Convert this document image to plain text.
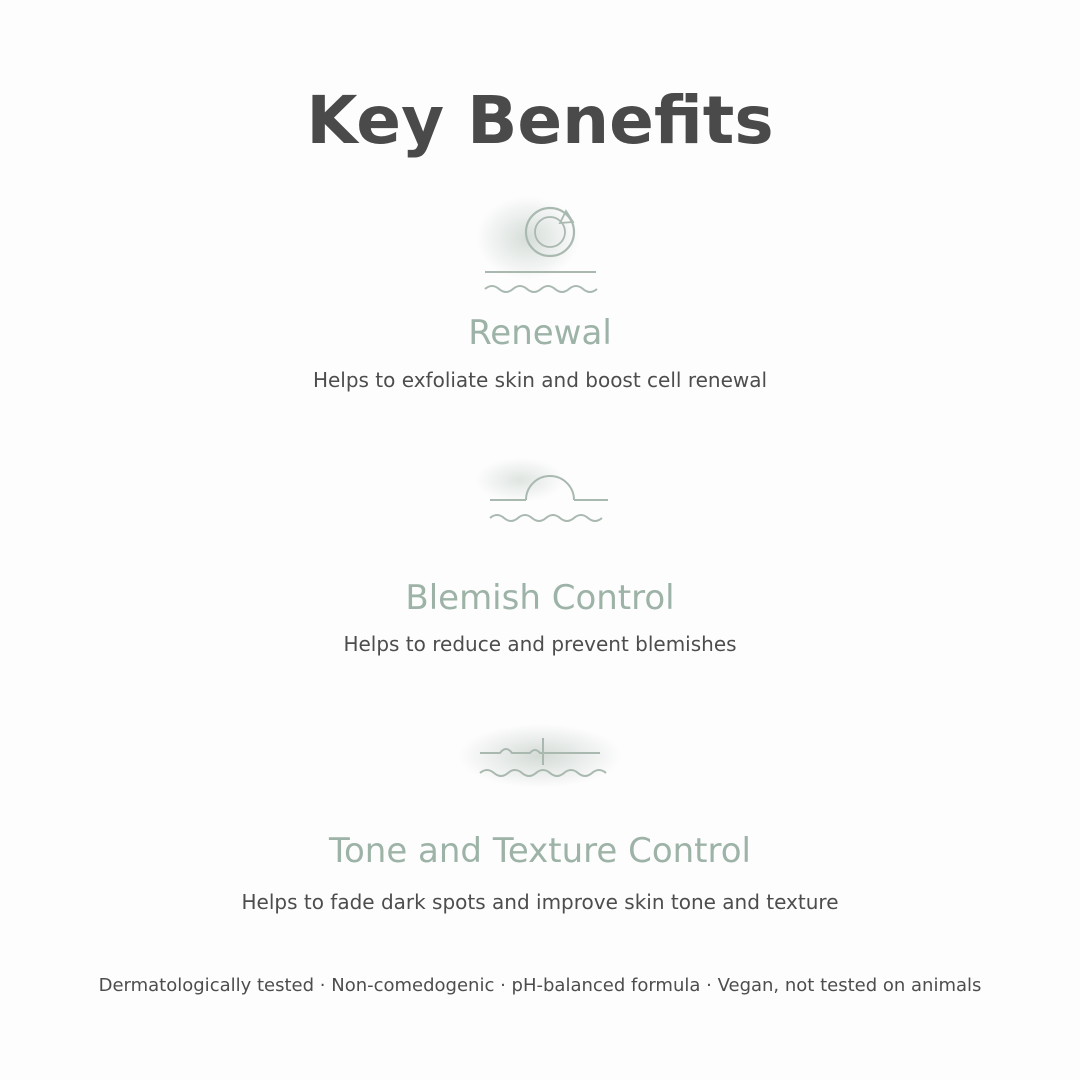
Key Benefits
Renewal

Helps to exfoliate skin and boost cell renewal

Blemish Control

Helps to reduce and prevent blemishes

Tone and Texture Control

Helps to fade dark spots and improve skin tone and texture

Dermatologically tested · Non-comedogenic · pH-balanced formula · Vegan, not tested on animals
